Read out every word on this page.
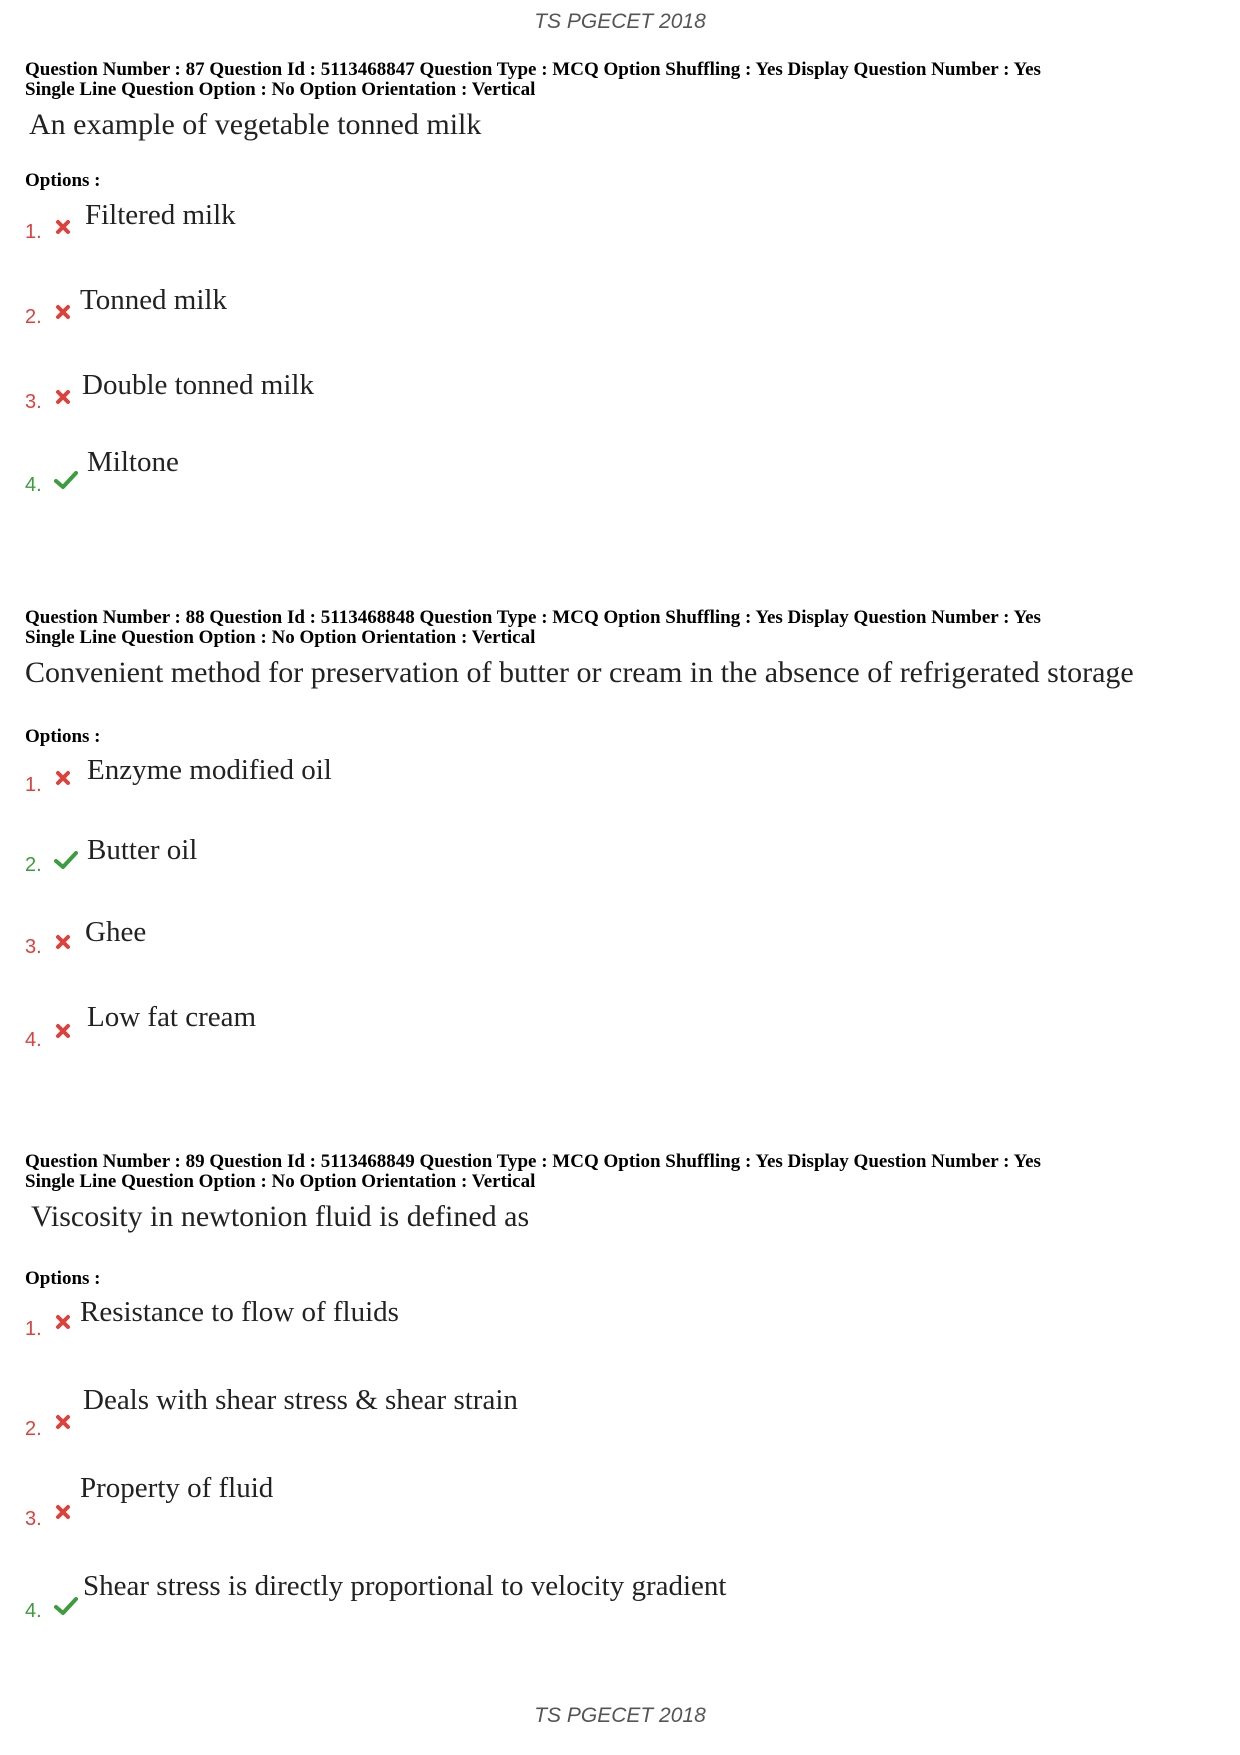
TS PGECET 2018
Question Number : 87 Question Id : 5113468847 Question Type : MCQ Option Shuffling : Yes Display Question Number : Yes
Single Line Question Option : No Option Orientation : Vertical
An example of vegetable tonned milk
Options :
1.
Filtered milk
2.
Tonned milk
3.
Double tonned milk
4.
Miltone
Question Number : 88 Question Id : 5113468848 Question Type : MCQ Option Shuffling : Yes Display Question Number : Yes
Single Line Question Option : No Option Orientation : Vertical
Convenient method for preservation of butter or cream in the absence of refrigerated storage
Options :
1. Enzyme modified oil
2. Butter oil
3. Ghee
4.
Low fat cream
Question Number : 89 Question Id : 5113468849 Question Type : MCQ Option Shuffling : Yes Display Question Number : Yes
Single Line Question Option : No Option Orientation : Vertical
Viscosity in newtonion fluid is defined as
Options :
1.
Resistance to flow of fluids
2.
Deals with shear stress & shear strain
3.
Property of fluid
4.
Shear stress is directly proportional to velocity gradient
TS PGECET 2018
